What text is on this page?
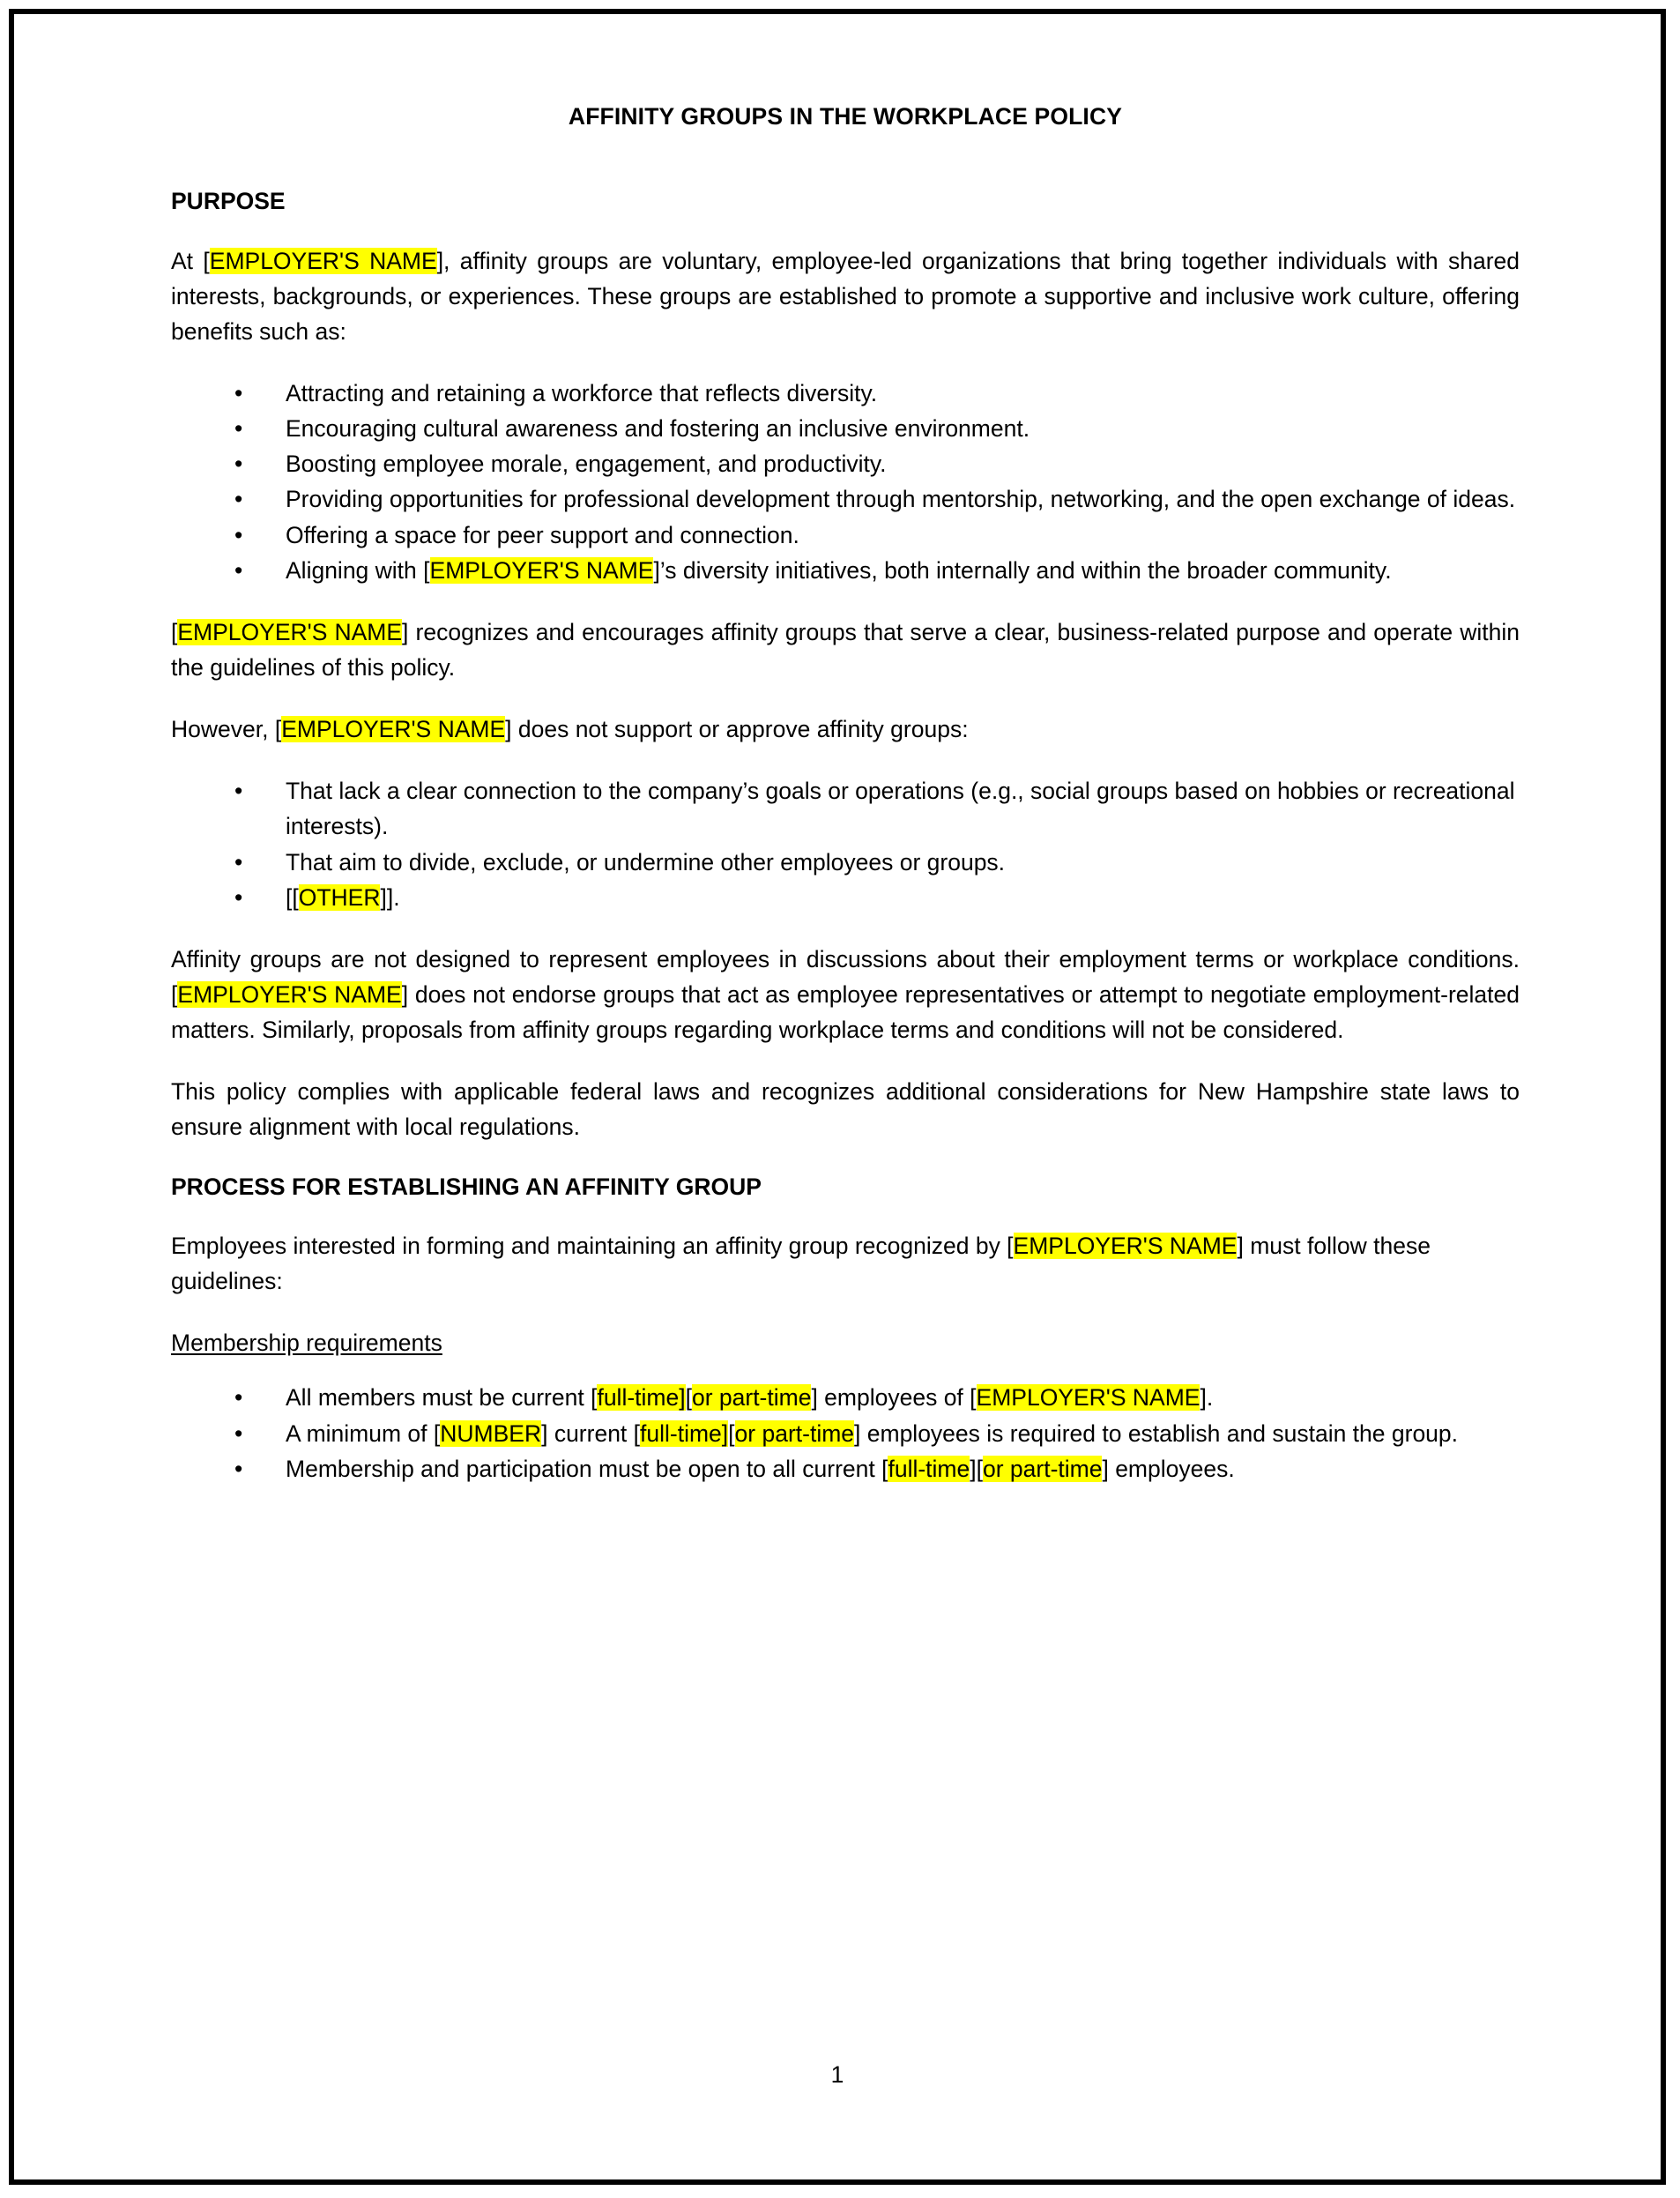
AFFINITY GROUPS IN THE WORKPLACE POLICY
PURPOSE

At [EMPLOYER'S NAME], affinity groups are voluntary, employee-led organizations that bring together individuals with shared interests, backgrounds, or experiences. These groups are established to promote a supportive and inclusive work culture, offering benefits such as:

• Attracting and retaining a workforce that reflects diversity.
• Encouraging cultural awareness and fostering an inclusive environment.
• Boosting employee morale, engagement, and productivity.
• Providing opportunities for professional development through mentorship, networking, and the open exchange of ideas.
• Offering a space for peer support and connection.
• Aligning with [EMPLOYER'S NAME]’s diversity initiatives, both internally and within the broader community.

[EMPLOYER'S NAME] recognizes and encourages affinity groups that serve a clear, business-related purpose and operate within the guidelines of this policy.

However, [EMPLOYER'S NAME] does not support or approve affinity groups:

• That lack a clear connection to the company’s goals or operations (e.g., social groups based on hobbies or recreational interests).
• That aim to divide, exclude, or undermine other employees or groups.
• [[OTHER]].

Affinity groups are not designed to represent employees in discussions about their employment terms or workplace conditions. [EMPLOYER'S NAME] does not endorse groups that act as employee representatives or attempt to negotiate employment-related matters. Similarly, proposals from affinity groups regarding workplace terms and conditions will not be considered.

This policy complies with applicable federal laws and recognizes additional considerations for New Hampshire state laws to ensure alignment with local regulations.

PROCESS FOR ESTABLISHING AN AFFINITY GROUP

Employees interested in forming and maintaining an affinity group recognized by [EMPLOYER'S NAME] must follow these guidelines:

Membership requirements
• All members must be current [full-time][or part-time] employees of [EMPLOYER'S NAME].
• A minimum of [NUMBER] current [full-time][or part-time] employees is required to establish and sustain the group.
• Membership and participation must be open to all current [full-time][or part-time] employees.
1
